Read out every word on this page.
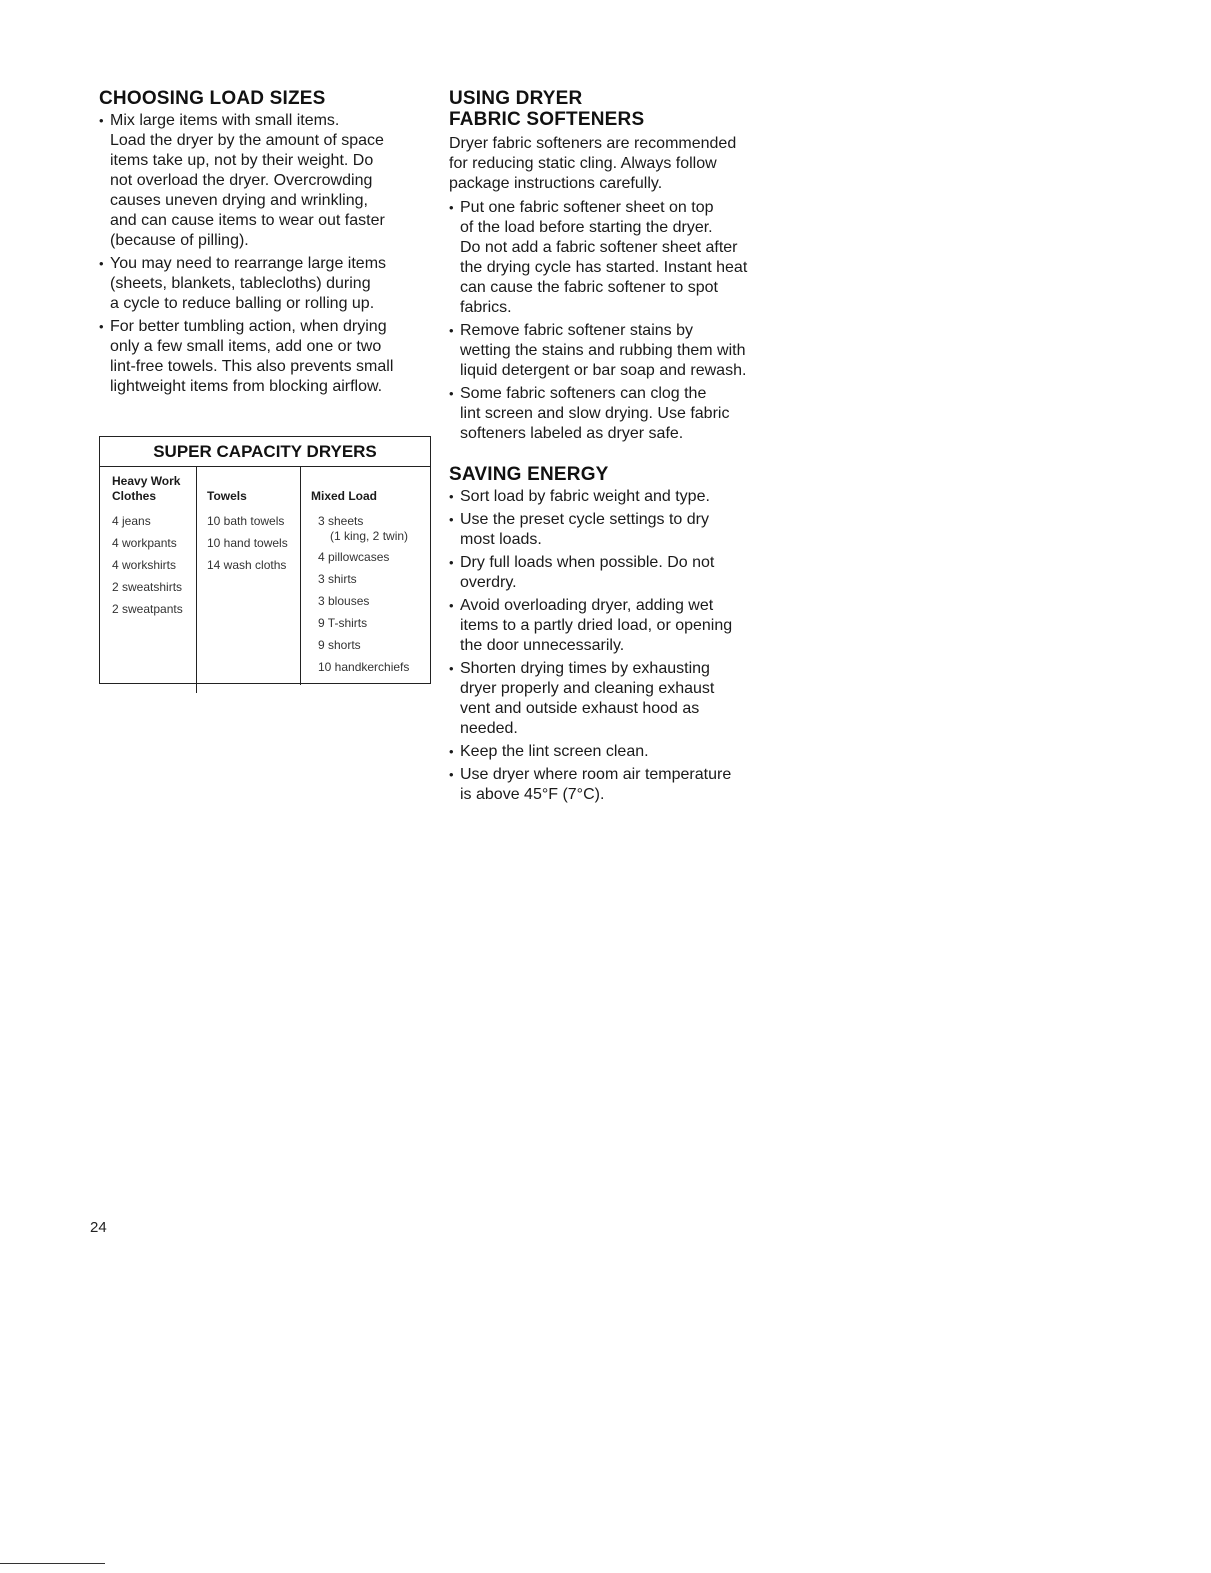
CHOOSING LOAD SIZES
• Mix large items with small items.
Load the dryer by the amount of space
items take up, not by their weight. Do
not overload the dryer. Overcrowding
causes uneven drying and wrinkling,
and can cause items to wear out faster
(because of pilling).
• You may need to rearrange large items
(sheets, blankets, tablecloths) during
a cycle to reduce balling or rolling up.
• For better tumbling action, when drying
only a few small items, add one or two
lint-free towels. This also prevents small
lightweight items from blocking airflow.
SUPER CAPACITY DRYERS
Heavy Work
Clothes
4 jeans
4 workpants
4 workshirts
2 sweatshirts
2 sweatpants
Towels
10 bath towels
10 hand towels
14 wash cloths
Mixed Load
3 sheets
(1 king, 2 twin)
4 pillowcases
3 shirts
3 blouses
9 T-shirts
9 shorts
10 handkerchiefs
USING DRYER
FABRIC SOFTENERS

Dryer fabric softeners are recommended
for reducing static cling. Always follow
package instructions carefully.

• Put one fabric softener sheet on top
of the load before starting the dryer.
Do not add a fabric softener sheet after
the drying cycle has started. Instant heat
can cause the fabric softener to spot
fabrics.
• Remove fabric softener stains by
wetting the stains and rubbing them with
liquid detergent or bar soap and rewash.
• Some fabric softeners can clog the
lint screen and slow drying. Use fabric
softeners labeled as dryer safe.
SAVING ENERGY
• Sort load by fabric weight and type.
• Use the preset cycle settings to dry
most loads.
• Dry full loads when possible. Do not
overdry.
• Avoid overloading dryer, adding wet
items to a partly dried load, or opening
the door unnecessarily.
• Shorten drying times by exhausting
dryer properly and cleaning exhaust
vent and outside exhaust hood as
needed.
• Keep the lint screen clean.
• Use dryer where room air temperature
is above 45°F (7°C).
24
